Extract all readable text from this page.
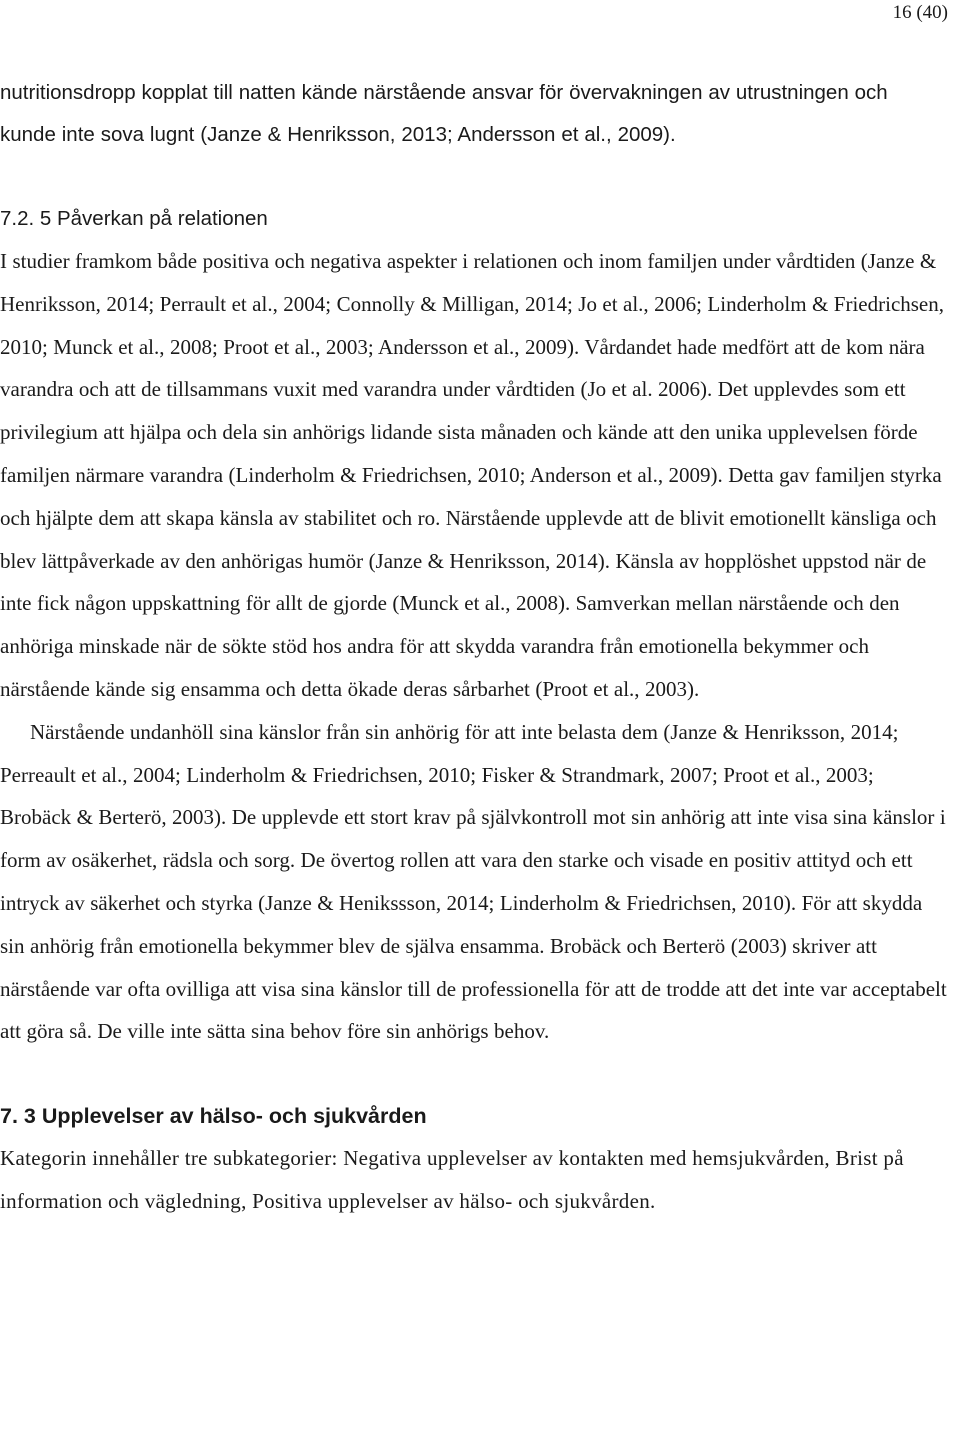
16 (40)

nutritionsdropp kopplat till natten kände närstående ansvar för övervakningen av utrustningen och kunde inte sova lugnt (Janze & Henriksson, 2013; Andersson et al., 2009).

7.2. 5 Påverkan på relationen

I studier framkom både positiva och negativa aspekter i relationen och inom familjen under vårdtiden (Janze & Henriksson, 2014; Perrault et al., 2004; Connolly & Milligan, 2014; Jo et al., 2006; Linderholm & Friedrichsen, 2010; Munck et al., 2008; Proot et al., 2003; Andersson et al., 2009). Vårdandet hade medfört att de kom nära varandra och att de tillsammans vuxit med varandra under vårdtiden (Jo et al. 2006). Det upplevdes som ett privilegium att hjälpa och dela sin anhörigs lidande sista månaden och kände att den unika upplevelsen förde familjen närmare varandra (Linderholm & Friedrichsen, 2010; Anderson et al., 2009). Detta gav familjen styrka och hjälpte dem att skapa känsla av stabilitet och ro. Närstående upplevde att de blivit emotionellt känsliga och blev lättpåverkade av den anhörigas humör (Janze & Henriksson, 2014). Känsla av hopplöshet uppstod när de inte fick någon uppskattning för allt de gjorde (Munck et al., 2008). Samverkan mellan närstående och den anhöriga minskade när de sökte stöd hos andra för att skydda varandra från emotionella bekymmer och närstående kände sig ensamma och detta ökade deras sårbarhet (Proot et al., 2003).

Närstående undanhöll sina känslor från sin anhörig för att inte belasta dem (Janze & Henriksson, 2014; Perreault et al., 2004; Linderholm & Friedrichsen, 2010; Fisker & Strandmark, 2007; Proot et al., 2003; Brobäck & Berterö, 2003). De upplevde ett stort krav på självkontroll mot sin anhörig att inte visa sina känslor i form av osäkerhet, rädsla och sorg. De övertog rollen att vara den starke och visade en positiv attityd och ett intryck av säkerhet och styrka (Janze & Henikssson, 2014; Linderholm & Friedrichsen, 2010). För att skydda sin anhörig från emotionella bekymmer blev de själva ensamma. Brobäck och Berterö (2003) skriver att närstående var ofta ovilliga att visa sina känslor till de professionella för att de trodde att det inte var acceptabelt att göra så. De ville inte sätta sina behov före sin anhörigs behov.

7. 3 Upplevelser av hälso- och sjukvården

Kategorin innehåller tre subkategorier: Negativa upplevelser av kontakten med hemsjukvården, Brist på information och vägledning, Positiva upplevelser av hälso- och sjukvården.
